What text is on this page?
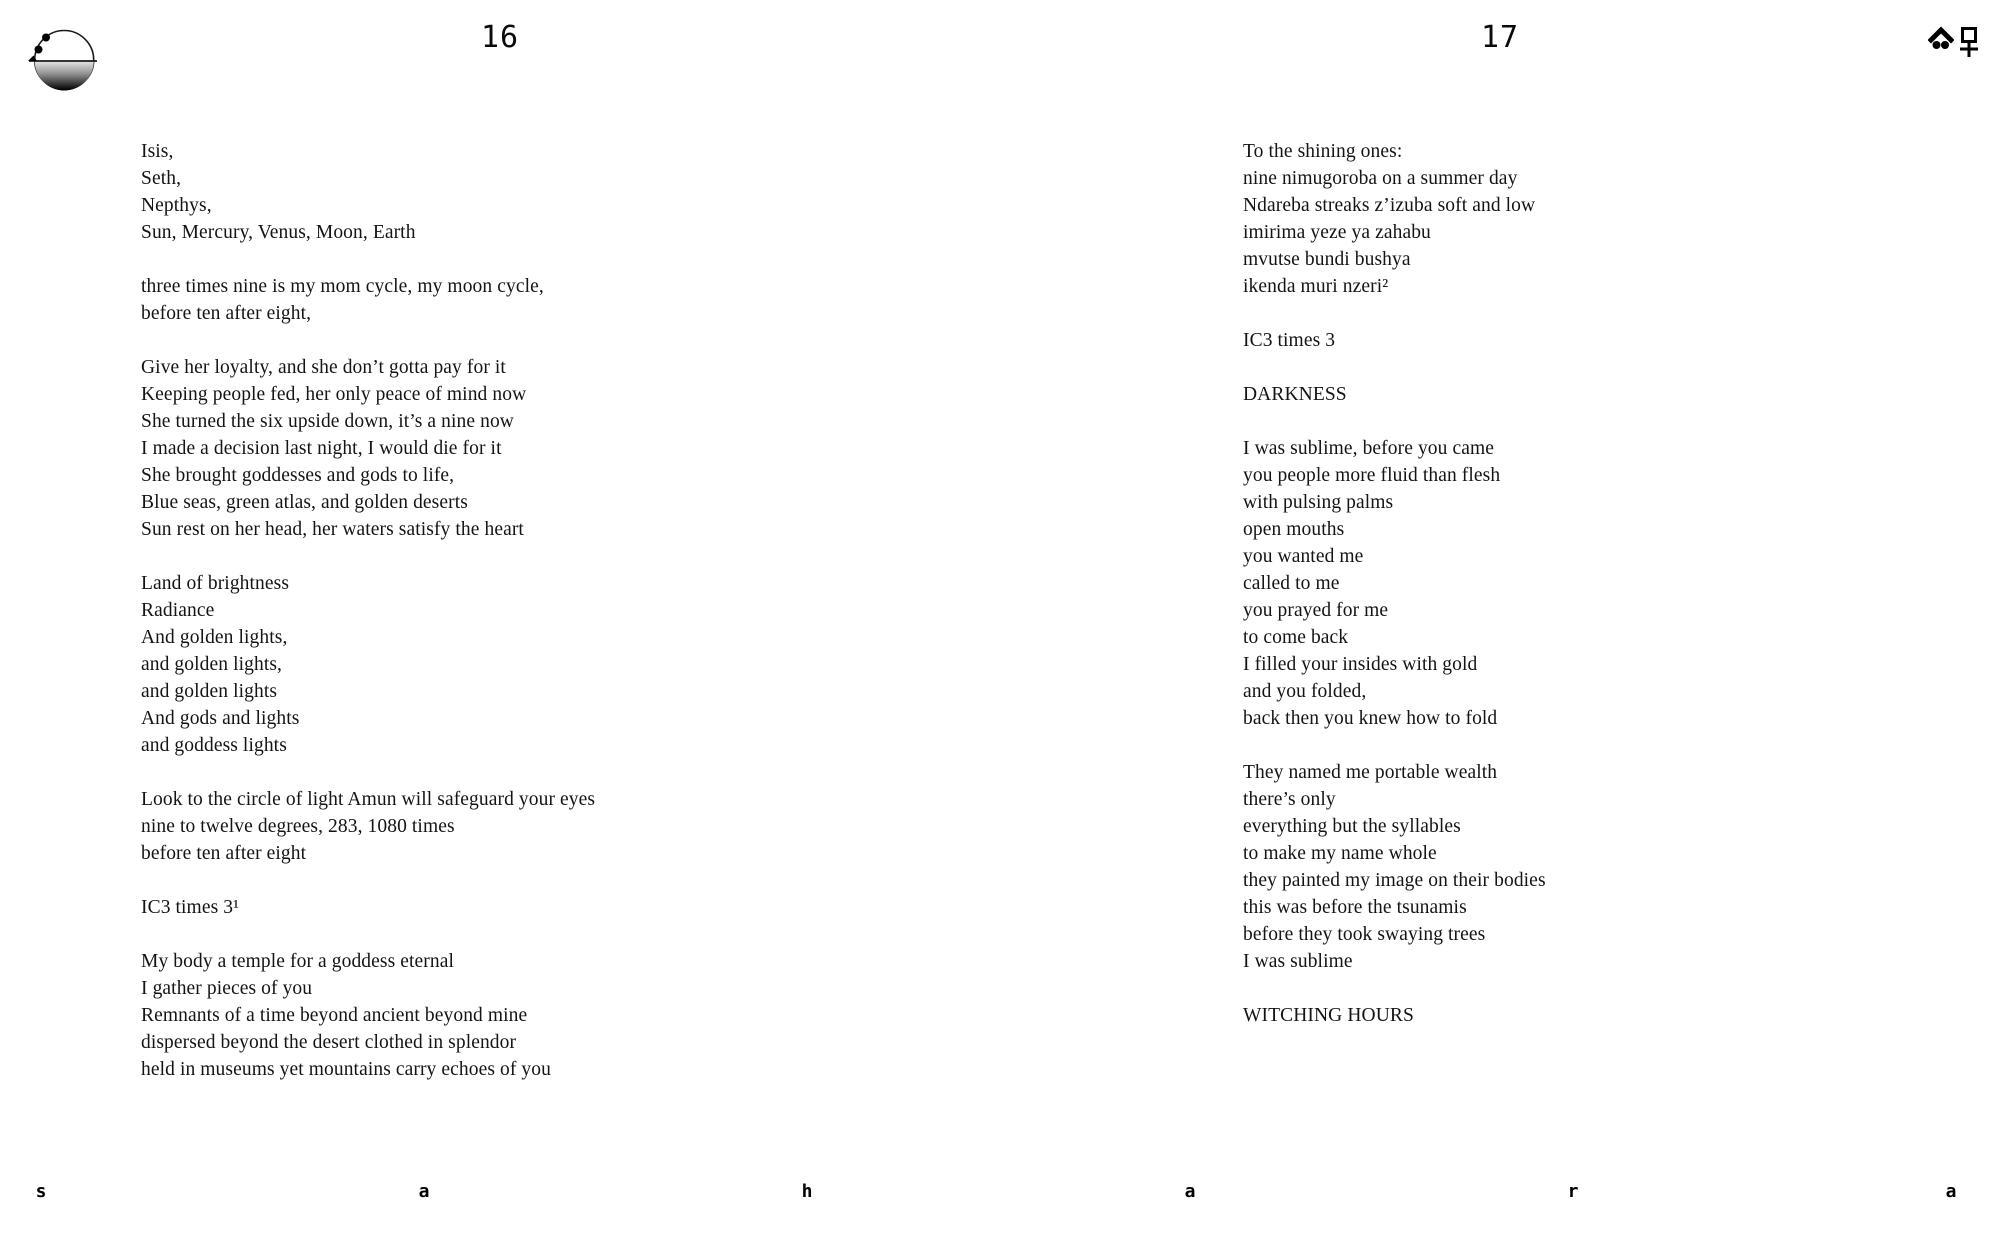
16	17
Isis,
Seth,
Nepthys,
Sun, Mercury, Venus, Moon, Earth
three times nine is my mom cycle, my moon cycle,
before ten after eight,
Give her loyalty, and she don’t gotta pay for it
Keeping people fed, her only peace of mind now
She turned the six upside down, it’s a nine now
I made a decision last night, I would die for it
She brought goddesses and gods to life,
Blue seas, green atlas, and golden deserts
Sun rest on her head, her waters satisfy the heart
Land of brightness
Radiance
And golden lights,
and golden lights,
and golden lights
And gods and lights
and goddess lights
Look to the circle of light Amun will safeguard your eyes
nine to twelve degrees, 283, 1080 times
before ten after eight
IC3 times 3¹
My body a temple for a goddess eternal
I gather pieces of you
Remnants of a time beyond ancient beyond mine
dispersed beyond the desert clothed in splendor
held in museums yet mountains carry echoes of you
To the shining ones:
nine nimugoroba on a summer day
Ndareba streaks z’izuba soft and low
imirima yeze ya zahabu
mvutse bundi bushya
ikenda muri nzeri²
IC3 times 3
DARKNESS
I was sublime, before you came
you people more fluid than flesh
with pulsing palms
open mouths
you wanted me
called to me
you prayed for me
to come back
I filled your insides with gold
and you folded,
back then you knew how to fold
They named me portable wealth
there’s only
everything but the syllables
to make my name whole
they painted my image on their bodies
this was before the tsunamis
before they took swaying trees
I was sublime
WITCHING HOURS
s	a	h	a	r	a
